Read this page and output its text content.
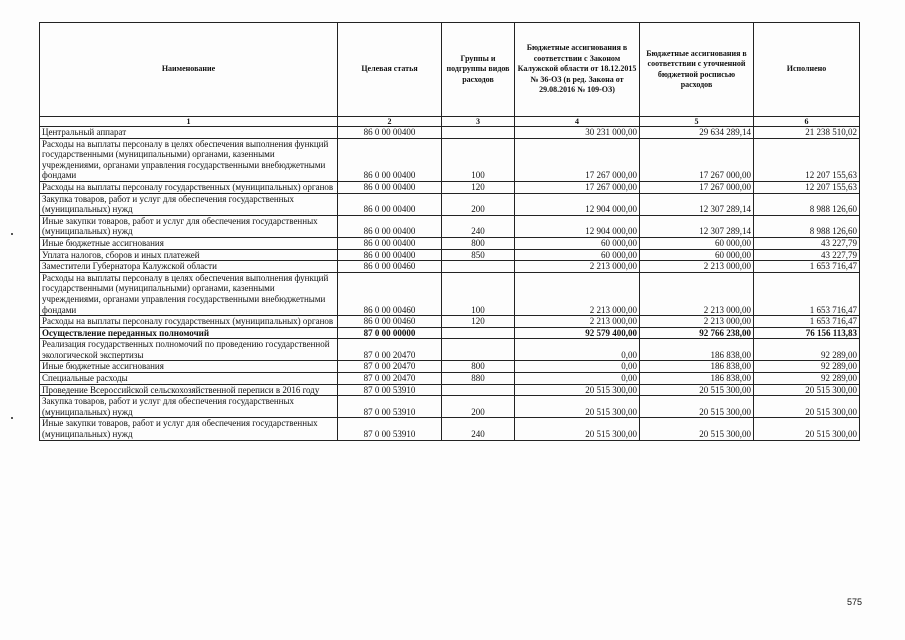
Наименование	Целевая статья	Группы и подгруппы видов расходов	Бюджетные ассигнования в соответствии с Законом Калужской области от 18.12.2015 № 36-ОЗ (в ред. Закона от 29.08.2016 № 109-ОЗ)	Бюджетные ассигнования в соответствии с уточненной бюджетной росписью расходов	Исполнено
1	2	3	4	5	6
Центральный аппарат	86 0 00 00400		30 231 000,00	29 634 289,14	21 238 510,02
Расходы на выплаты персоналу в целях обеспечения выполнения функций государственными (муниципальными) органами, казенными учреждениями, органами управления государственными внебюджетными фондами	86 0 00 00400	100	17 267 000,00	17 267 000,00	12 207 155,63
Расходы на выплаты персоналу государственных (муниципальных) органов	86 0 00 00400	120	17 267 000,00	17 267 000,00	12 207 155,63
Закупка товаров, работ и услуг для обеспечения государственных (муниципальных) нужд	86 0 00 00400	200	12 904 000,00	12 307 289,14	8 988 126,60
Иные закупки товаров, работ и услуг для обеспечения государственных (муниципальных) нужд	86 0 00 00400	240	12 904 000,00	12 307 289,14	8 988 126,60
Иные бюджетные ассигнования	86 0 00 00400	800	60 000,00	60 000,00	43 227,79
Уплата налогов, сборов и иных платежей	86 0 00 00400	850	60 000,00	60 000,00	43 227,79
Заместители Губернатора Калужской области	86 0 00 00460		2 213 000,00	2 213 000,00	1 653 716,47
Расходы на выплаты персоналу в целях обеспечения выполнения функций государственными (муниципальными) органами, казенными учреждениями, органами управления государственными внебюджетными фондами	86 0 00 00460	100	2 213 000,00	2 213 000,00	1 653 716,47
Расходы на выплаты персоналу государственных (муниципальных) органов	86 0 00 00460	120	2 213 000,00	2 213 000,00	1 653 716,47
Осуществление переданных полномочий	87 0 00 00000		92 579 400,00	92 766 238,00	76 156 113,83
Реализация государственных полномочий по проведению государственной экологической экспертизы	87 0 00 20470		0,00	186 838,00	92 289,00
Иные бюджетные ассигнования	87 0 00 20470	800	0,00	186 838,00	92 289,00
Специальные расходы	87 0 00 20470	880	0,00	186 838,00	92 289,00
Проведение Всероссийской сельскохозяйственной переписи в 2016 году	87 0 00 53910		20 515 300,00	20 515 300,00	20 515 300,00
Закупка товаров, работ и услуг для обеспечения государственных (муниципальных) нужд	87 0 00 53910	200	20 515 300,00	20 515 300,00	20 515 300,00
Иные закупки товаров, работ и услуг для обеспечения государственных (муниципальных) нужд	87 0 00 53910	240	20 515 300,00	20 515 300,00	20 515 300,00
575
